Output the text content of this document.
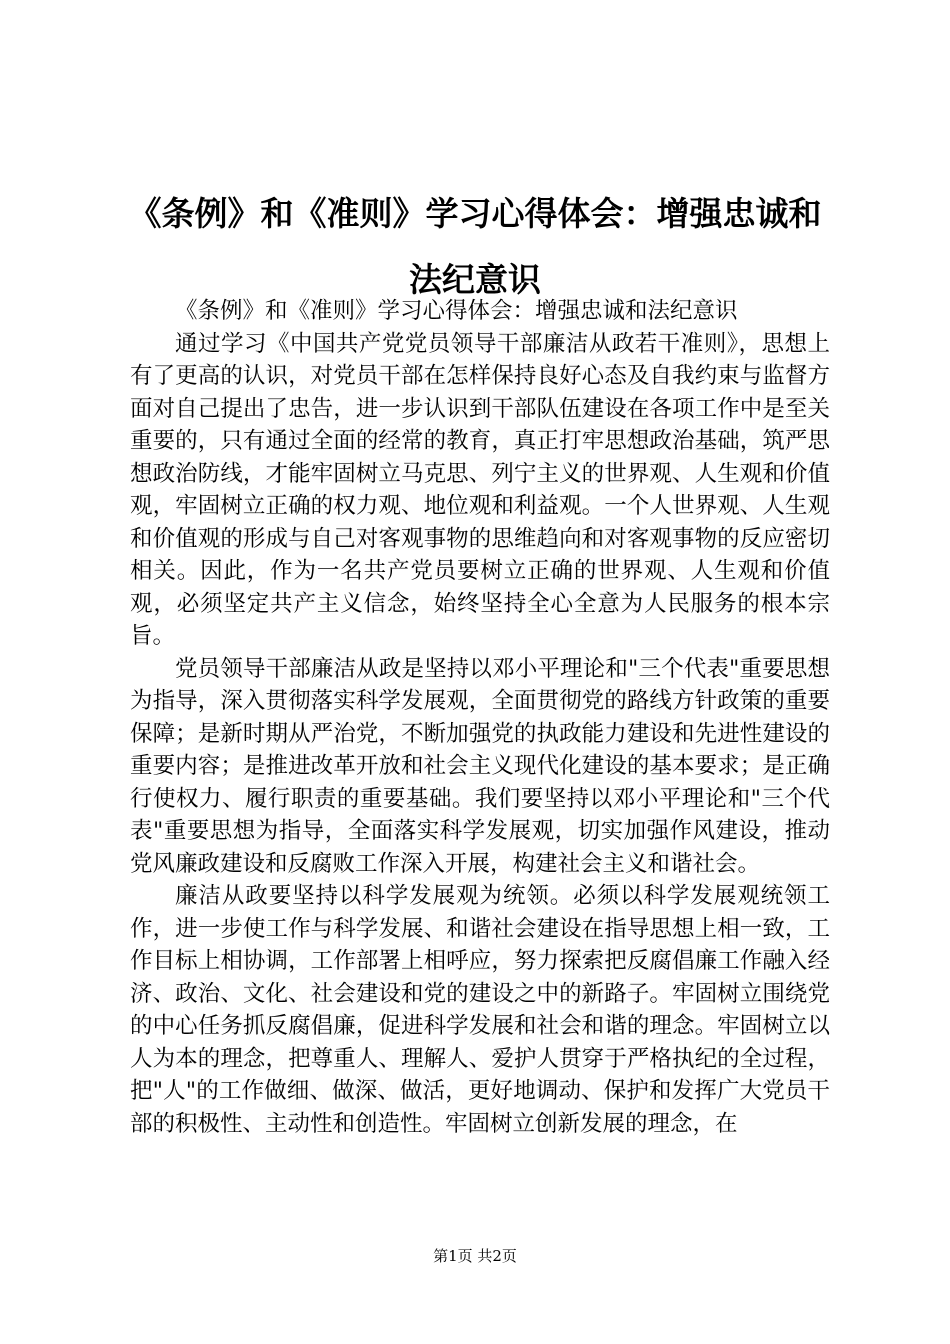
《条例》和《准则》学习心得体会：增强忠诚和法纪意识

《条例》和《准则》学习心得体会：增强忠诚和法纪意识

通过学习《中国共产党党员领导干部廉洁从政若干准则》，思想上有了更高的认识，对党员干部在怎样保持良好心态及自我约束与监督方面对自己提出了忠告，进一步认识到干部队伍建设在各项工作中是至关重要的，只有通过全面的经常的教育，真正打牢思想政治基础，筑严思想政治防线，才能牢固树立马克思、列宁主义的世界观、人生观和价值观，牢固树立正确的权力观、地位观和利益观。一个人世界观、人生观和价值观的形成与自己对客观事物的思维趋向和对客观事物的反应密切相关。因此，作为一名共产党员要树立正确的世界观、人生观和价值观，必须坚定共产主义信念，始终坚持全心全意为人民服务的根本宗旨。

党员领导干部廉洁从政是坚持以邓小平理论和"三个代表"重要思想为指导，深入贯彻落实科学发展观，全面贯彻党的路线方针政策的重要保障；是新时期从严治党，不断加强党的执政能力建设和先进性建设的重要内容；是推进改革开放和社会主义现代化建设的基本要求；是正确行使权力、履行职责的重要基础。我们要坚持以邓小平理论和"三个代表"重要思想为指导，全面落实科学发展观，切实加强作风建设，推动党风廉政建设和反腐败工作深入开展，构建社会主义和谐社会。

廉洁从政要坚持以科学发展观为统领。必须以科学发展观统领工作，进一步使工作与科学发展、和谐社会建设在指导思想上相一致，工作目标上相协调，工作部署上相呼应，努力探索把反腐倡廉工作融入经济、政治、文化、社会建设和党的建设之中的新路子。牢固树立围绕党的中心任务抓反腐倡廉，促进科学发展和社会和谐的理念。牢固树立以人为本的理念，把尊重人、理解人、爱护人贯穿于严格执纪的全过程，把"人"的工作做细、做深、做活，更好地调动、保护和发挥广大党员干部的积极性、主动性和创造性。牢固树立创新发展的理念，在

第1页 共2页
